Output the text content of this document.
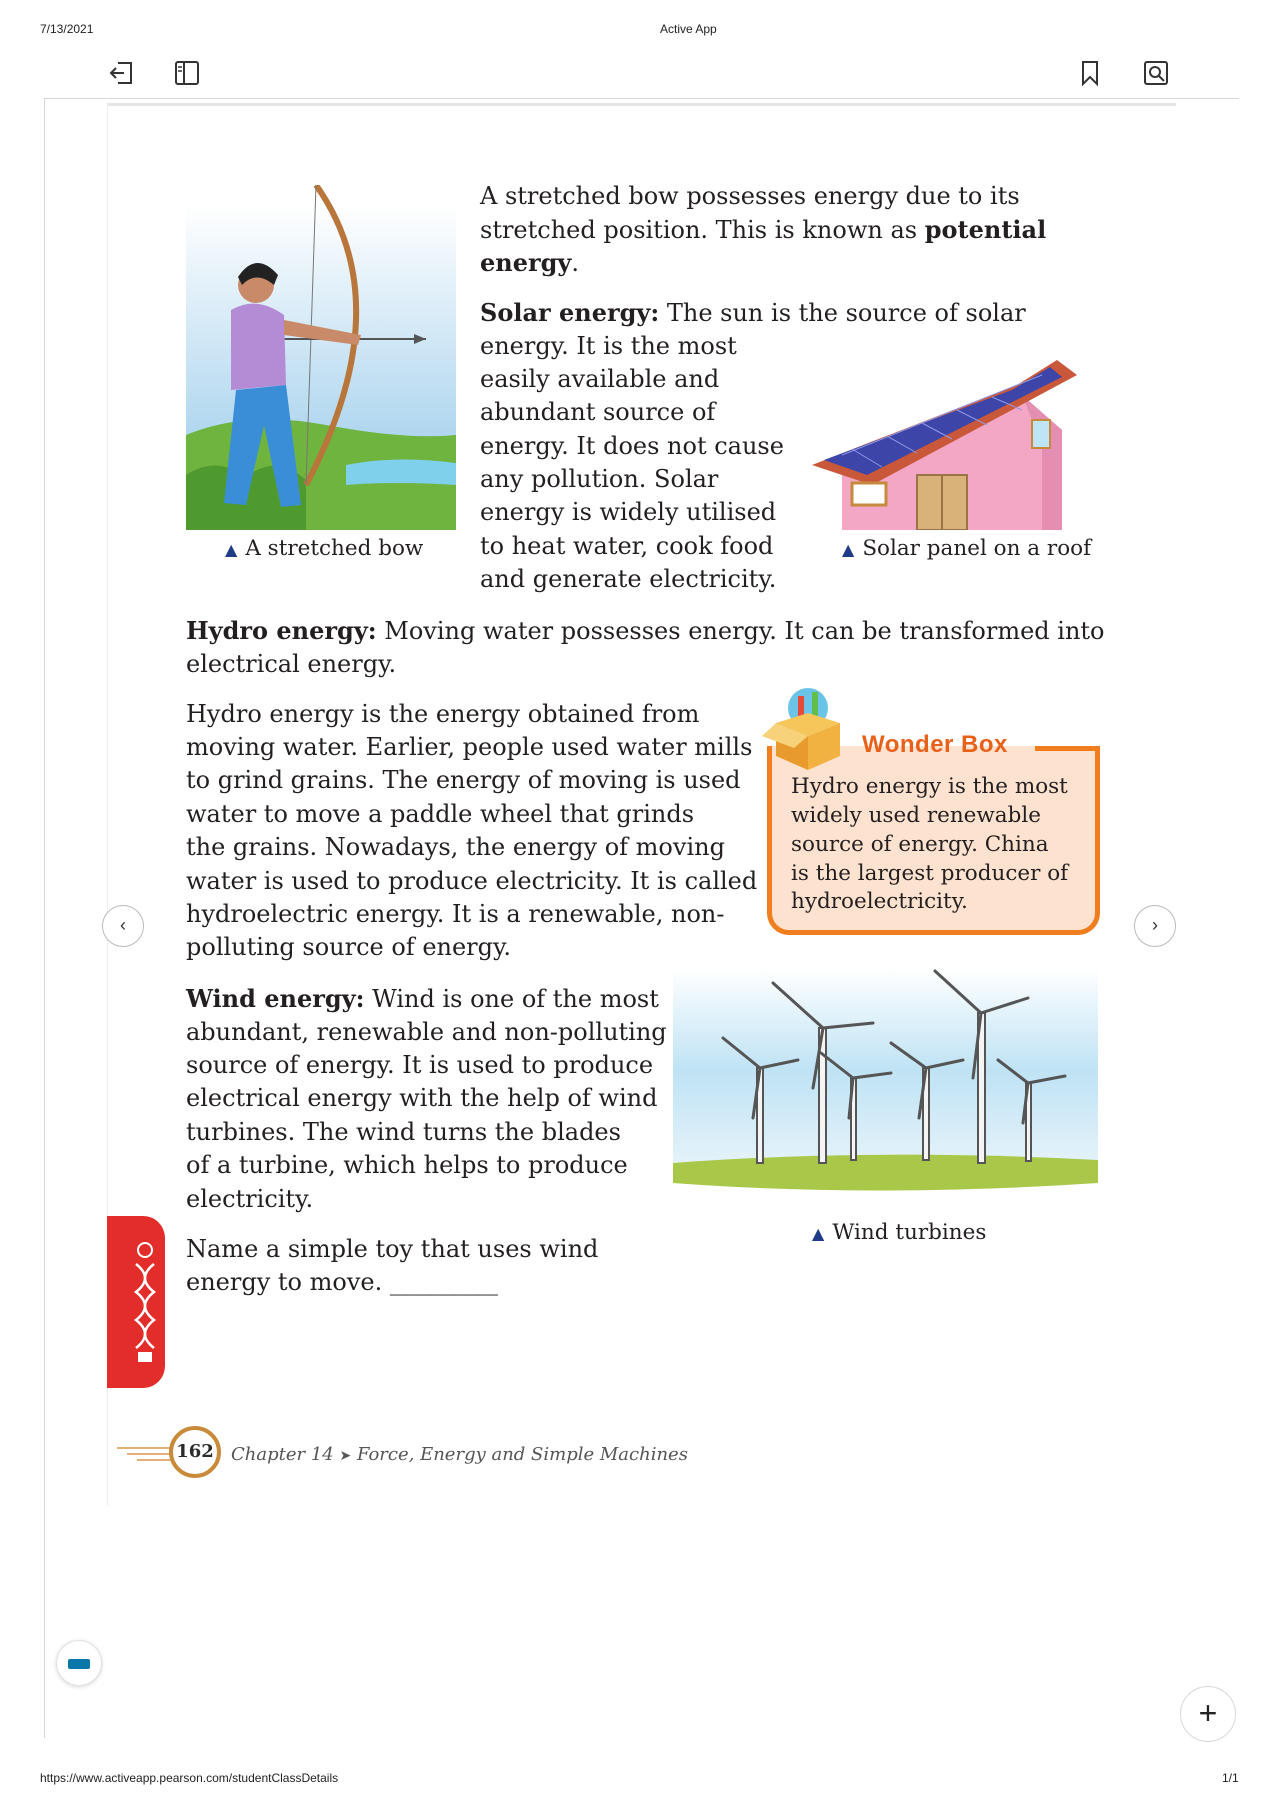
7/13/2021	Active App
▲ A stretched bow
A stretched bow possesses energy due to its
stretched position. This is known as potential
energy.
Solar energy: The sun is the source of solar
energy. It is the most
easily available and
abundant source of
energy. It does not cause
any pollution. Solar
energy is widely utilised
to heat water, cook food
and generate electricity.
▲ Solar panel on a roof
Hydro energy: Moving water possesses energy. It can be transformed into
electrical energy.
Hydro energy is the energy obtained from
moving water. Earlier, people used water mills
to grind grains. The energy of moving is used
water to move a paddle wheel that grinds
the grains. Nowadays, the energy of moving
water is used to produce electricity. It is called
hydroelectric energy. It is a renewable, non-
polluting source of energy.
Wonder Box
Hydro energy is the most
widely used renewable
source of energy. China
is the largest producer of
hydroelectricity.
Wind energy: Wind is one of the most
abundant, renewable and non-polluting
source of energy. It is used to produce
electrical energy with the help of wind
turbines. The wind turns the blades
of a turbine, which helps to produce
electricity.
▲ Wind turbines
Name a simple toy that uses wind
energy to move. _________
162 Chapter 14 ➤ Force, Energy and Simple Machines
‹	›
+
https://www.activeapp.pearson.com/studentClassDetails	1/1
